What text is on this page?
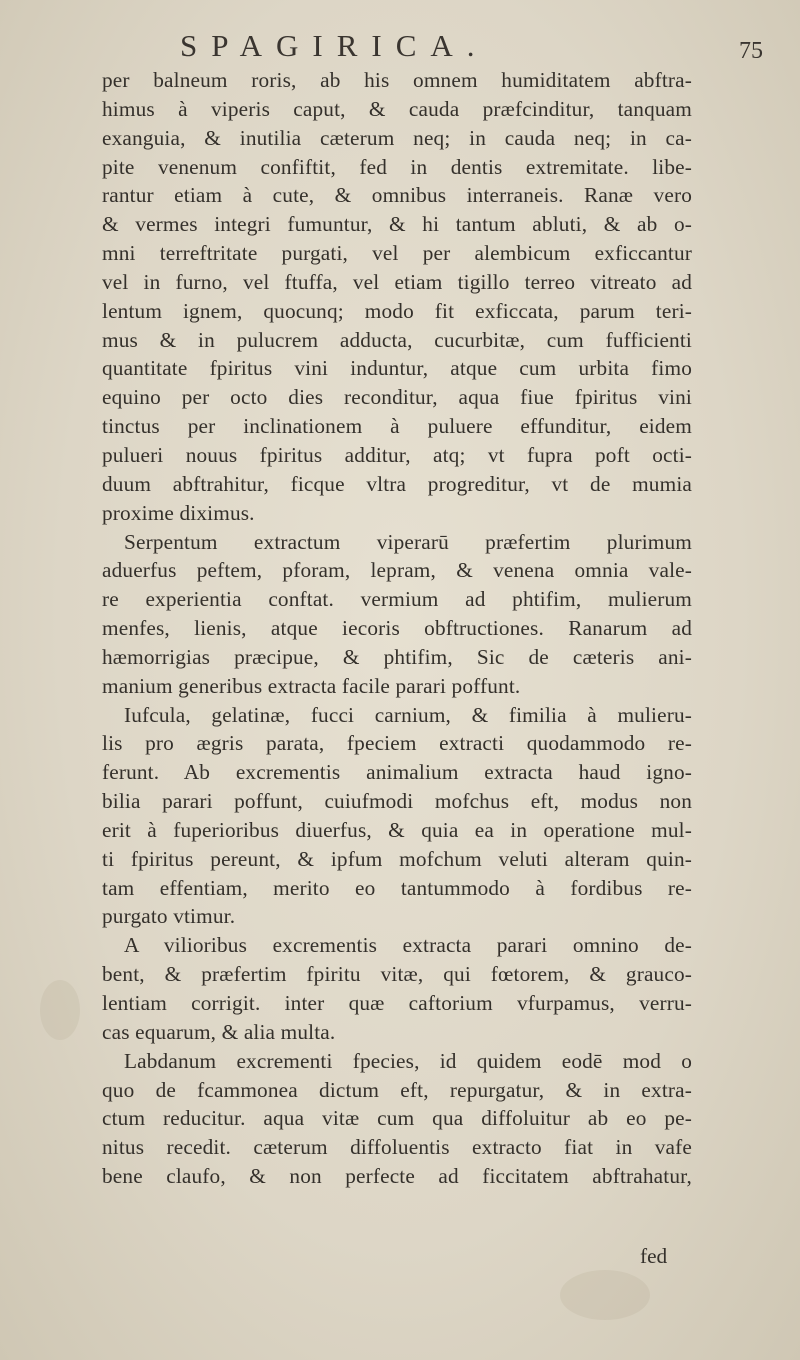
SPAGIRICA.	75
per balneum roris, ab his omnem humiditatem abftra-
himus à viperis caput, & cauda præfcinditur, tanquam
exanguia, & inutilia cæterum neq; in cauda neq; in ca-
pite venenum confiftit, fed in dentis extremitate. libe-
rantur etiam à cute, & omnibus interraneis. Ranæ vero
& vermes integri fumuntur, & hi tantum abluti, & ab o-
mni terreftritate purgati, vel per alembicum exficcantur
vel in furno, vel ftuffa, vel etiam tigillo terreo vitreato ad
lentum ignem, quocunq; modo fit exficcata, parum teri-
mus & in pulucrem adducta, cucurbitæ, cum fufficienti
quantitate fpiritus vini induntur, atque cum urbita fimo
equino per octo dies reconditur, aqua fiue fpiritus vini
tinctus per inclinationem à puluere effunditur, eidem
pulueri nouus fpiritus additur, atq; vt fupra poft octi-
duum abftrahitur, ficque vltra progreditur, vt de mumia
proxime diximus.
Serpentum extractum viperarū præfertim plurimum
aduerfus peftem, pforam, lepram, & venena omnia vale-
re experientia conftat. vermium ad phtifim, mulierum
menfes, lienis, atque iecoris obftructiones. Ranarum ad
hæmorrigias præcipue, & phtifim, Sic de cæteris ani-
manium generibus extracta facile parari poffunt.
Iufcula, gelatinæ, fucci carnium, & fimilia à mulieru-
lis pro ægris parata, fpeciem extracti quodammodo re-
ferunt. Ab excrementis animalium extracta haud igno-
bilia parari poffunt, cuiufmodi mofchus eft, modus non
erit à fuperioribus diuerfus, & quia ea in operatione mul-
ti fpiritus pereunt, & ipfum mofchum veluti alteram quin-
tam effentiam, merito eo tantummodo à fordibus re-
purgato vtimur.
A vilioribus excrementis extracta parari omnino de-
bent, & præfertim fpiritu vitæ, qui fœtorem, & grauco-
lentiam corrigit. inter quæ caftorium vfurpamus, verru-
cas equarum, & alia multa.
Labdanum excrementi fpecies, id quidem eodē mod o
quo de fcammonea dictum eft, repurgatur, & in extra-
ctum reducitur. aqua vitæ cum qua diffoluitur ab eo pe-
nitus recedit. cæterum diffoluentis extracto fiat in vafe
bene claufo, & non perfecte ad ficcitatem abftrahatur,
fed
